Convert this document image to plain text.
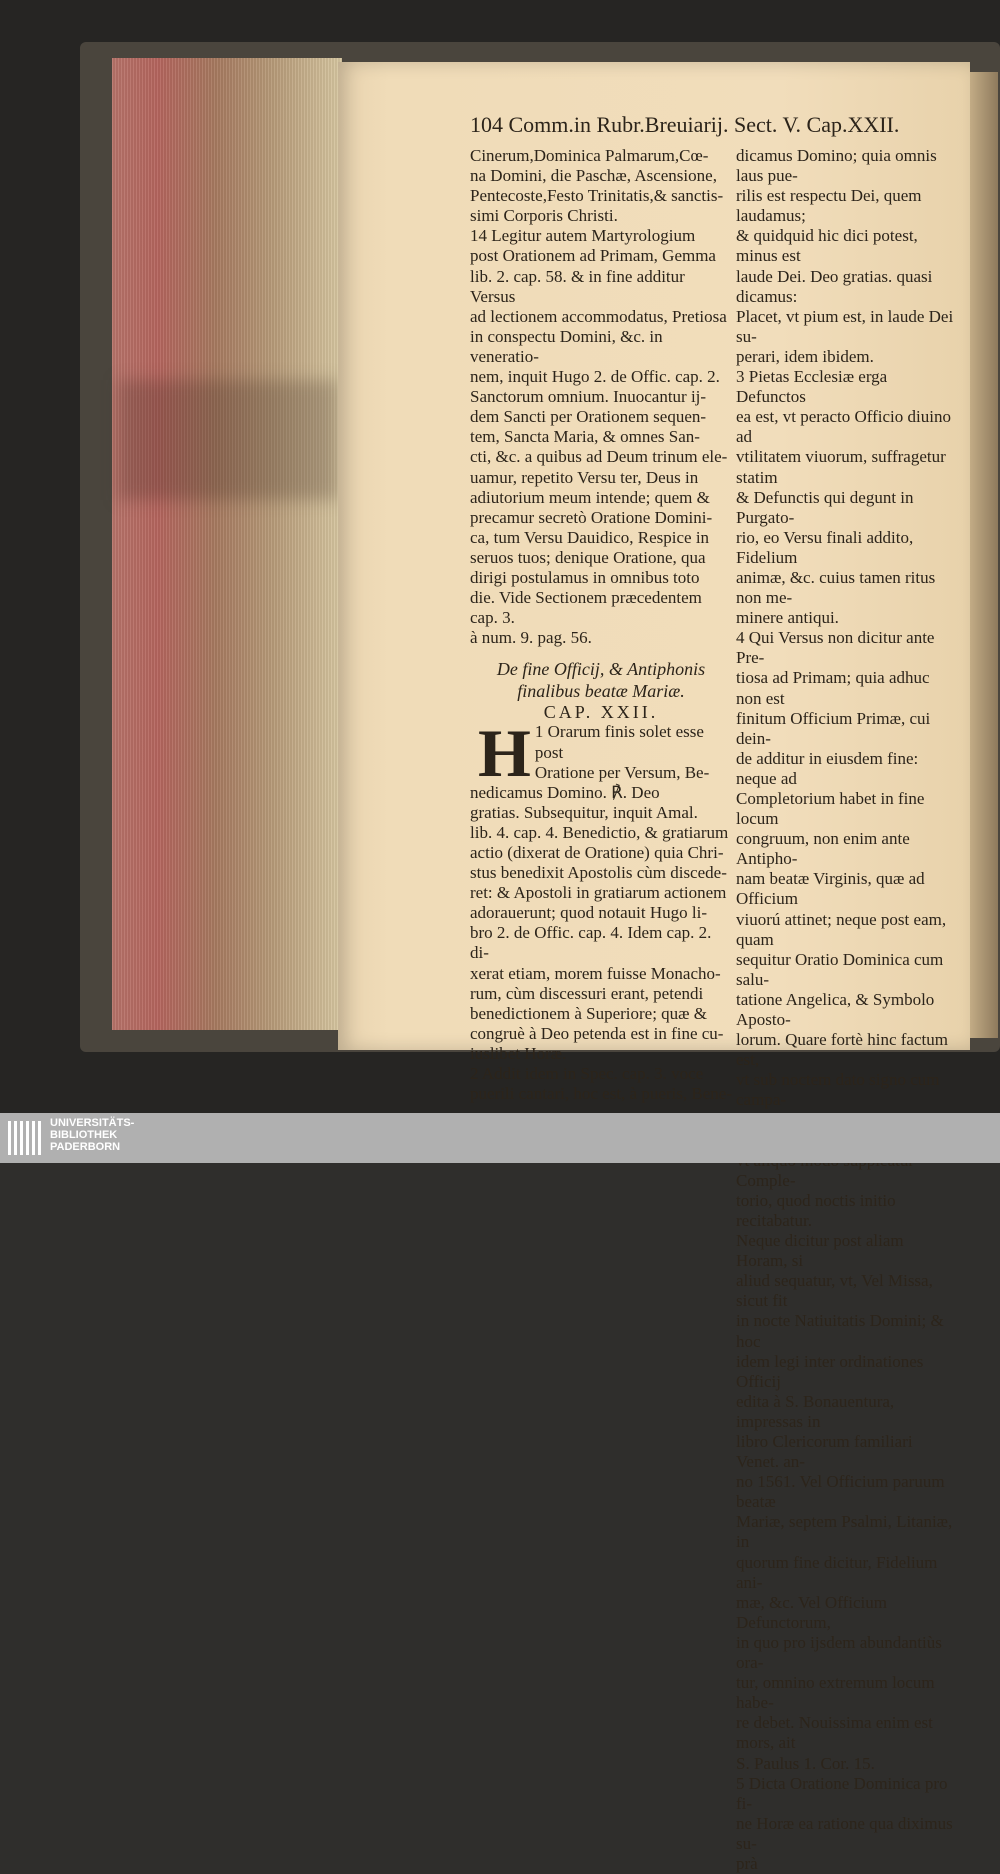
104 Comm.in Rubr.Breuiarij. Sect. V. Cap.XXII.

Cinerum,Dominica Palmarum,Cœ-

na Domini, die Paschæ, Ascensione,

Pentecoste,Festo Trinitatis,& sanctis-

simi Corporis Christi.

14 Legitur autem Martyrologium

post Orationem ad Primam, Gemma

lib. 2. cap. 58. & in fine additur Versus

ad lectionem accommodatus, Pretiosa

in conspectu Domini, &c. in veneratio-

nem, inquit Hugo 2. de Offic. cap. 2.

Sanctorum omnium. Inuocantur ij-

dem Sancti per Orationem sequen-

tem, Sancta Maria, & omnes San-

cti, &c. a quibus ad Deum trinum ele-

uamur, repetito Versu ter, Deus in

adiutorium meum intende; quem &

precamur secretò Oratione Domini-

ca, tum Versu Dauidico, Respice in

seruos tuos; denique Oratione, qua

dirigi postulamus in omnibus toto

die. Vide Sectionem præcedentem cap. 3.

à num. 9. pag. 56.

De fine Officij, & Antiphonis

finalibus beatæ Mariæ.

CAP. XXII.

H 1 Orarum finis solet esse post

Oratione per Versum, Be-

nedicamus Domino. ℟. Deo

gratias. Subsequitur, inquit Amal.

lib. 4. cap. 4. Benedictio, & gratiarum

actio (dixerat de Oratione) quia Chri-

stus benedixit Apostolis cùm discede-

ret: & Apostoli in gratiarum actionem

adorauerunt; quod notauit Hugo li-

bro 2. de Offic. cap. 4. Idem cap. 2. di-

xerat etiam, morem fuisse Monacho-

rum, cùm discessuri erant, petendi

benedictionem à Superiore; quæ &

congruè à Deo petenda est in fine cu-

iuslibet Horæ.

2 Addit idem in Spec. cap. 3. voce

puerili cantari, hoc est, à pueris, Bene-

dicamus Domino; quia omnis laus pue-

rilis est respectu Dei, quem laudamus;

& quidquid hic dici potest, minus est

laude Dei. Deo gratias. quasi dicamus:

Placet, vt pium est, in laude Dei su-

perari, idem ibidem.

3 Pietas Ecclesiæ erga Defunctos

ea est, vt peracto Officio diuino ad

vtilitatem viuorum, suffragetur statim

& Defunctis qui degunt in Purgato-

rio, eo Versu finali addito, Fidelium

animæ, &c. cuius tamen ritus non me-

minere antiqui.

4 Qui Versus non dicitur ante Pre-

tiosa ad Primam; quia adhuc non est

finitum Officium Primæ, cui dein-

de additur in eiusdem fine: neque ad

Completorium habet in fine locum

congruum, non enim ante Antipho-

nam beatæ Virginis, quæ ad Officium

viuorú attinet; neque post eam, quam

sequitur Oratio Dominica cum salu-

tatione Angelica, & Symbolo Aposto-

lorum. Quare fortè hinc factum est,

vt sub noctem dato signo cum campa-

Comple-

torio, quod noctis initio recitabatur.

Neque dicitur post aliam Horam, si

aliud sequatur, vt, Vel Missa, sicut fit

in nocte Natiuitatis Domini; & hoc

idem legi inter ordinationes Officij

edita à S. Bonauentura, impressas in

libro Clericorum familiari Venet. an-

no 1561. Vel Officium paruum beatæ

Mariæ, septem Psalmi, Litaniæ, in

quorum fine dicitur, Fidelium ani-

mæ, &c. Vel Officium Defunctorum,

in quo pro ijsdem abundantiùs ora-

tur, omnino extremum locum habe-

re debet. Nouissima enim est mors, ait

S. Paulus 1. Cor. 15.

5 Dicta Oratione Dominica pro fi-

ne Horæ ea ratione qua diximus su-

prà

UNIVERSITÄTS-
BIBLIOTHEK
PADERBORN
